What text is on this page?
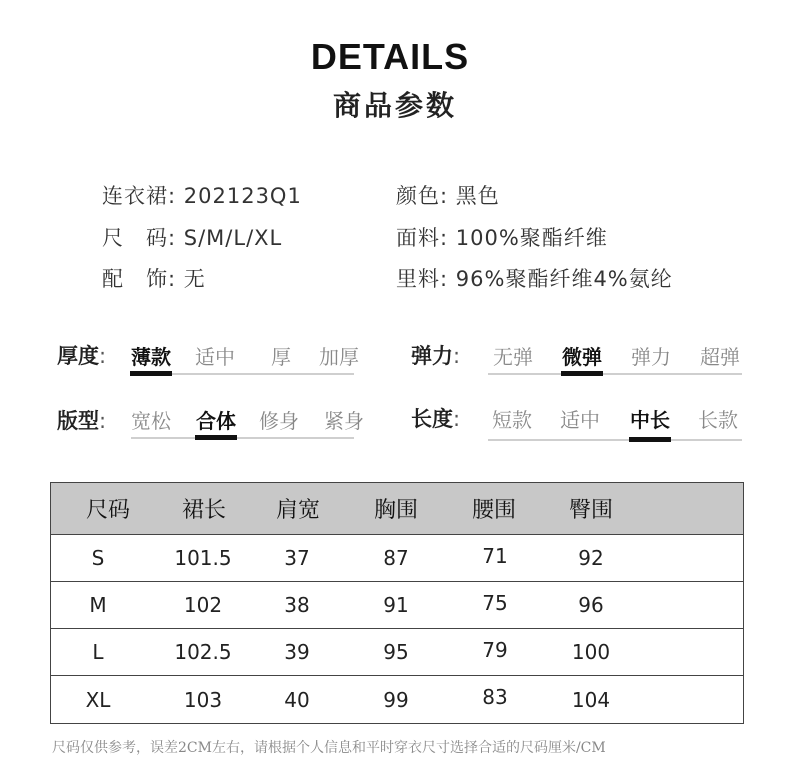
DETAILS
商品参数
连衣裙: 202123Q1
尺　码: S/M/L/XL
配　饰: 无
颜色: 黑色
面料: 100%聚酯纤维
里料: 96%聚酯纤维4%氨纶
厚度: 薄款 适中	厚	加厚
版型: 宽松 合体 修身 紧身
弹力:	无弹	微弹	弹力	超弹
长度:	短款	适中	中长	长款
尺码	裙长	肩宽	胸围	腰围	臀围
S	101.5	37	87	71	92
M	102	38	91	75	96
L	102.5	39	95	79	100
XL	103	40	99	83	104
尺码仅供参考，误差2CM左右，请根据个人信息和平时穿衣尺寸选择合适的尺码厘米/CM
